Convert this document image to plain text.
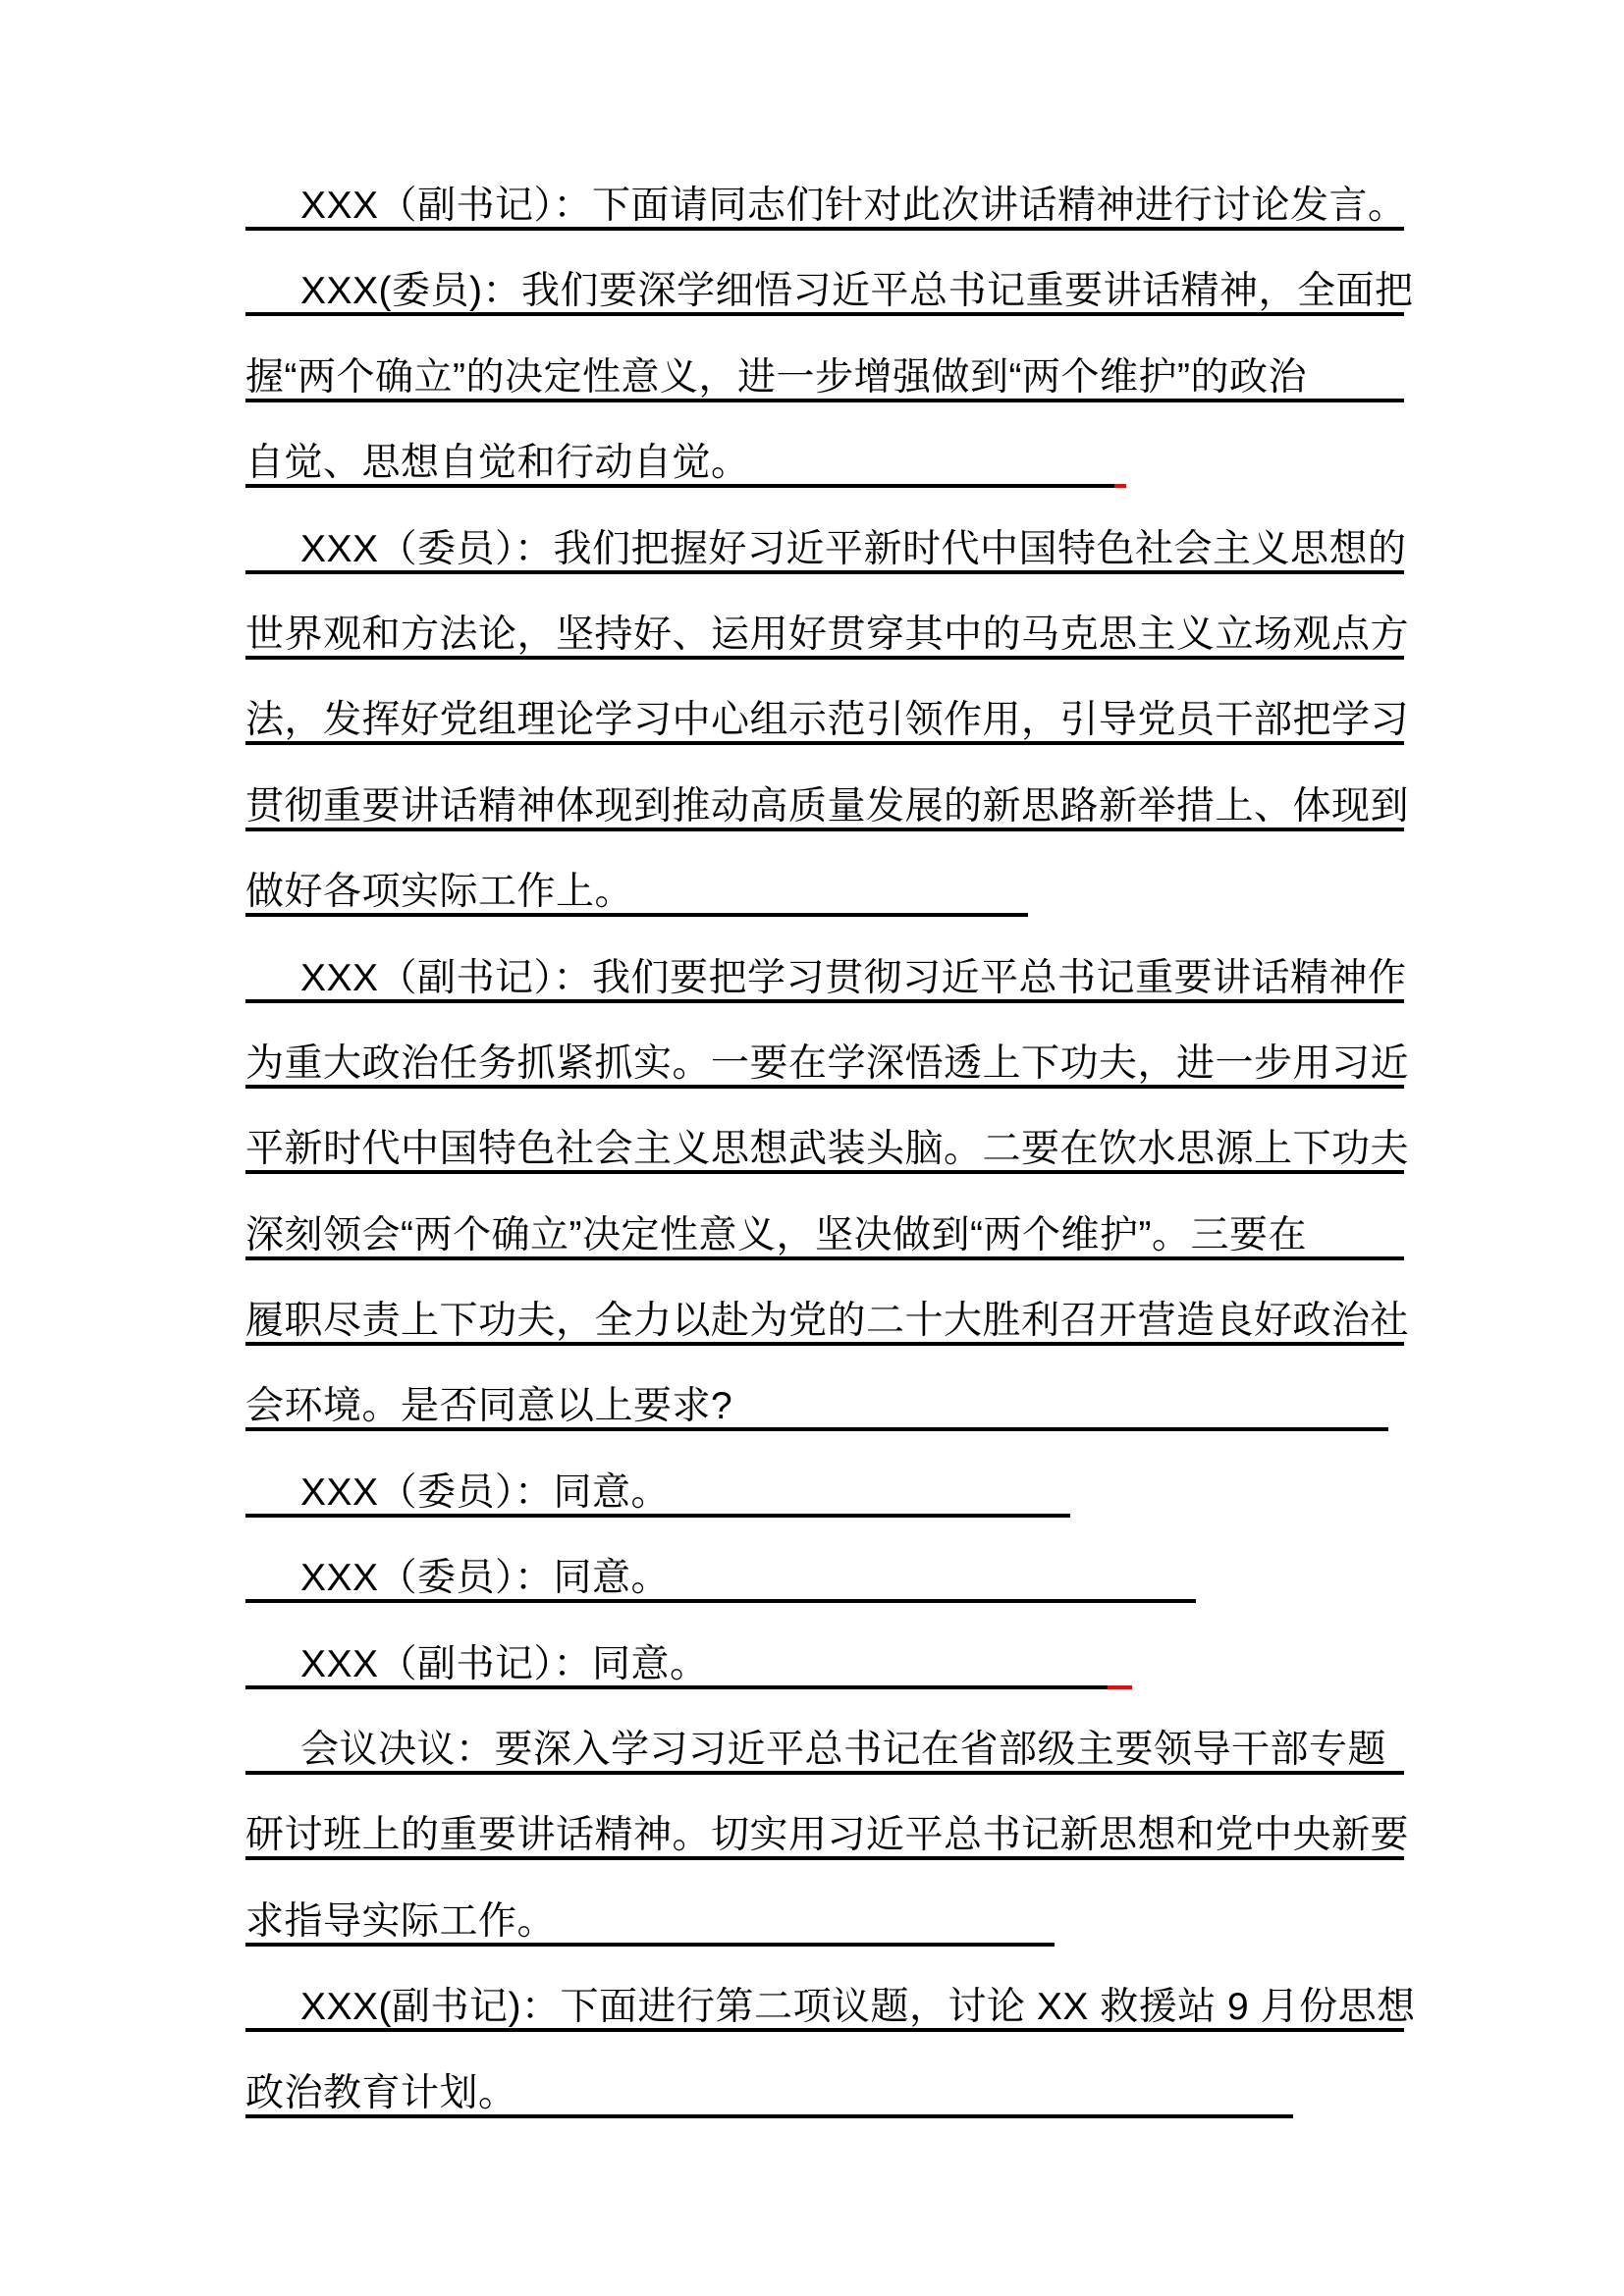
XXX（副书记）：下面请同志们针对此次讲话精神进行讨论发言。
XXX(委员)：我们要深学细悟习近平总书记重要讲话精神，全面把
握“两个确立”的决定性意义，进一步增强做到“两个维护”的政治
自觉、思想自觉和行动自觉。
XXX（委员）：我们把握好习近平新时代中国特色社会主义思想的
世界观和方法论，坚持好、运用好贯穿其中的马克思主义立场观点方
法，发挥好党组理论学习中心组示范引领作用，引导党员干部把学习
贯彻重要讲话精神体现到推动高质量发展的新思路新举措上、体现到
做好各项实际工作上。
XXX（副书记）：我们要把学习贯彻习近平总书记重要讲话精神作
为重大政治任务抓紧抓实。一要在学深悟透上下功夫，进一步用习近
平新时代中国特色社会主义思想武装头脑。二要在饮水思源上下功夫
深刻领会“两个确立”决定性意义，坚决做到“两个维护”。三要在
履职尽责上下功夫，全力以赴为党的二十大胜利召开营造良好政治社
会环境。是否同意以上要求?
XXX（委员）：同意。
XXX（委员）：同意。
XXX（副书记）：同意。
会议决议：要深入学习习近平总书记在省部级主要领导干部专题
研讨班上的重要讲话精神。切实用习近平总书记新思想和党中央新要
求指导实际工作。
XXX(副书记)：下面进行第二项议题，讨论 XX 救援站 9 月份思想
政治教育计划。
